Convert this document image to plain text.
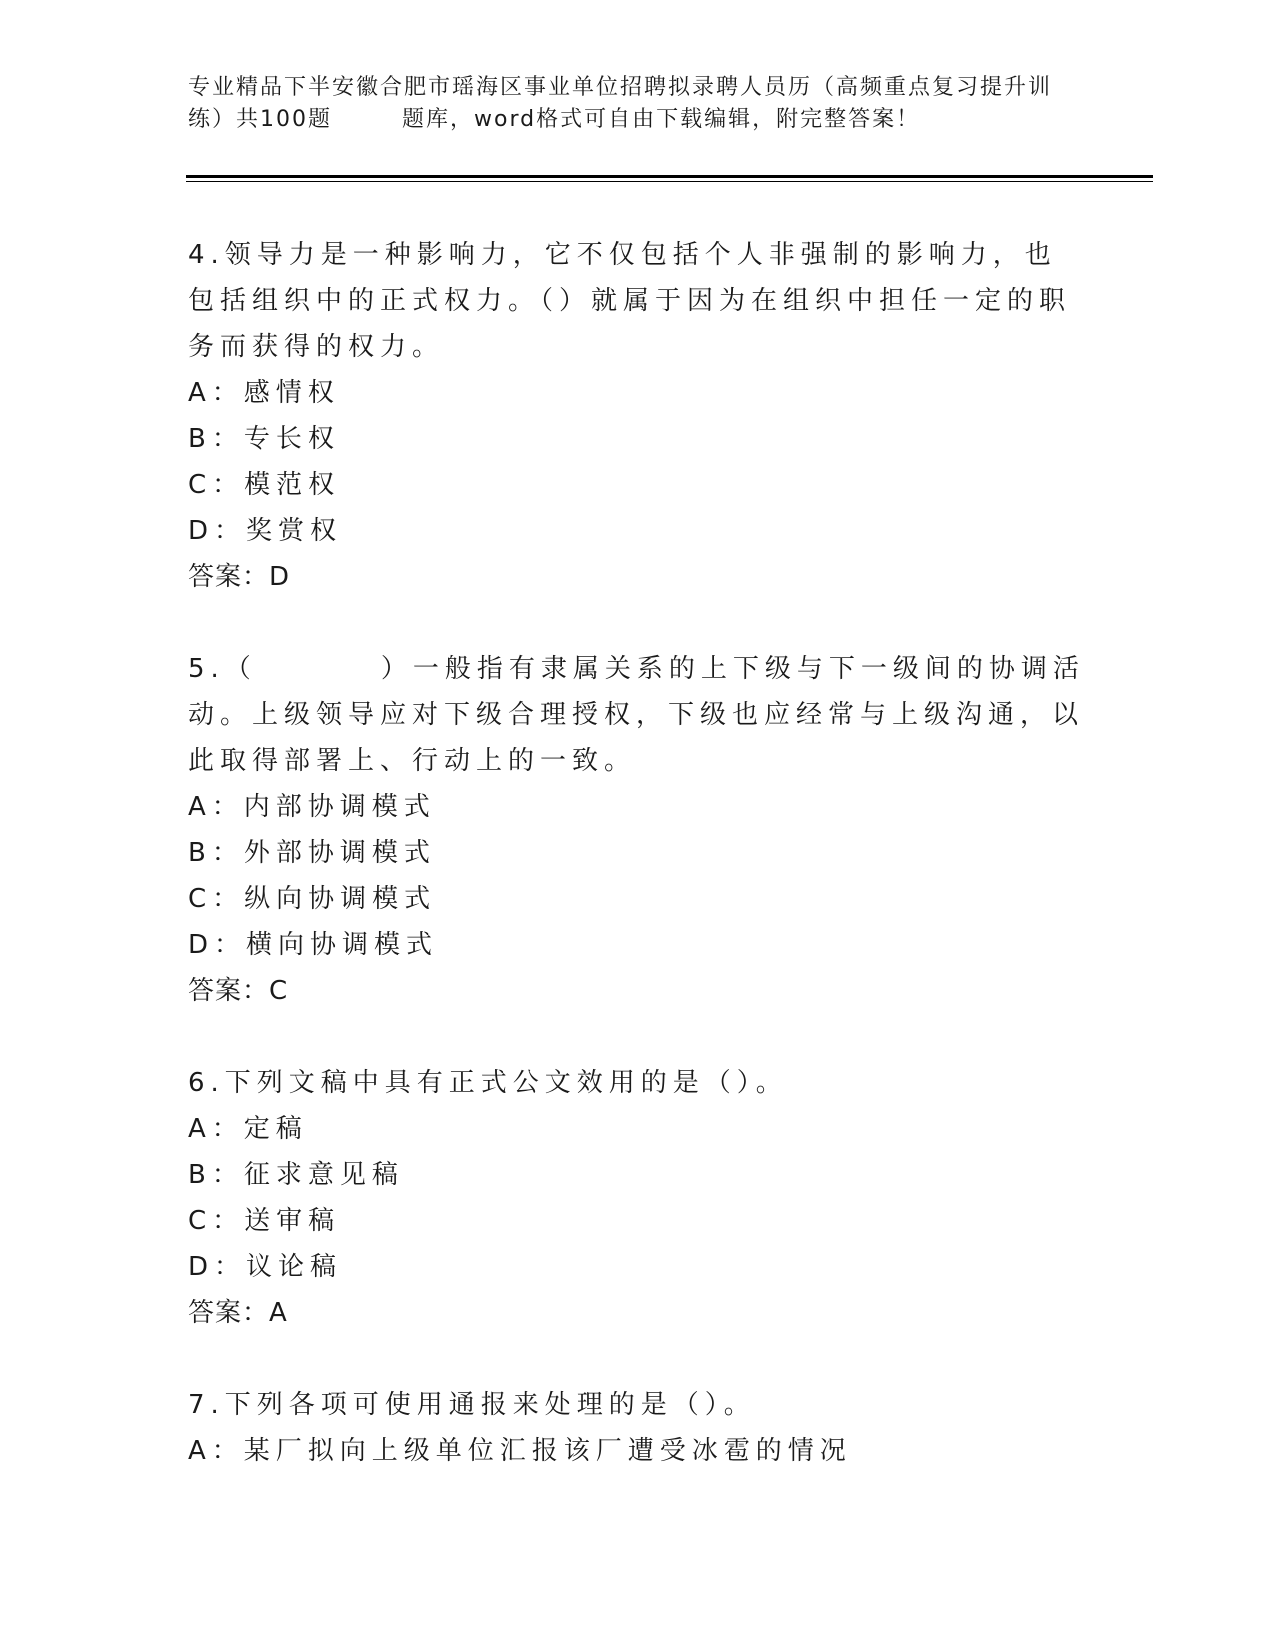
专业精品下半安徽合肥市瑶海区事业单位招聘拟录聘人员历（高频重点复习提升训
练）共100题	题库，word格式可自由下载编辑，附完整答案！
4.领导力是一种影响力，它不仅包括个人非强制的影响力，也包括组织中的正式权力。（）就属于因为在组织中担任一定的职务而获得的权力。
A：感情权
B：专长权
C：模范权
D：奖赏权
答案：D
5.（	）一般指有隶属关系的上下级与下一级间的协调活动。上级领导应对下级合理授权，下级也应经常与上级沟通，以此取得部署上、行动上的一致。
A：内部协调模式
B：外部协调模式
C：纵向协调模式
D：横向协调模式
答案：C
6.下列文稿中具有正式公文效用的是（）。
A：定稿
B：征求意见稿
C：送审稿
D：议论稿
答案：A
7.下列各项可使用通报来处理的是（）。
A：某厂拟向上级单位汇报该厂遭受冰雹的情况
